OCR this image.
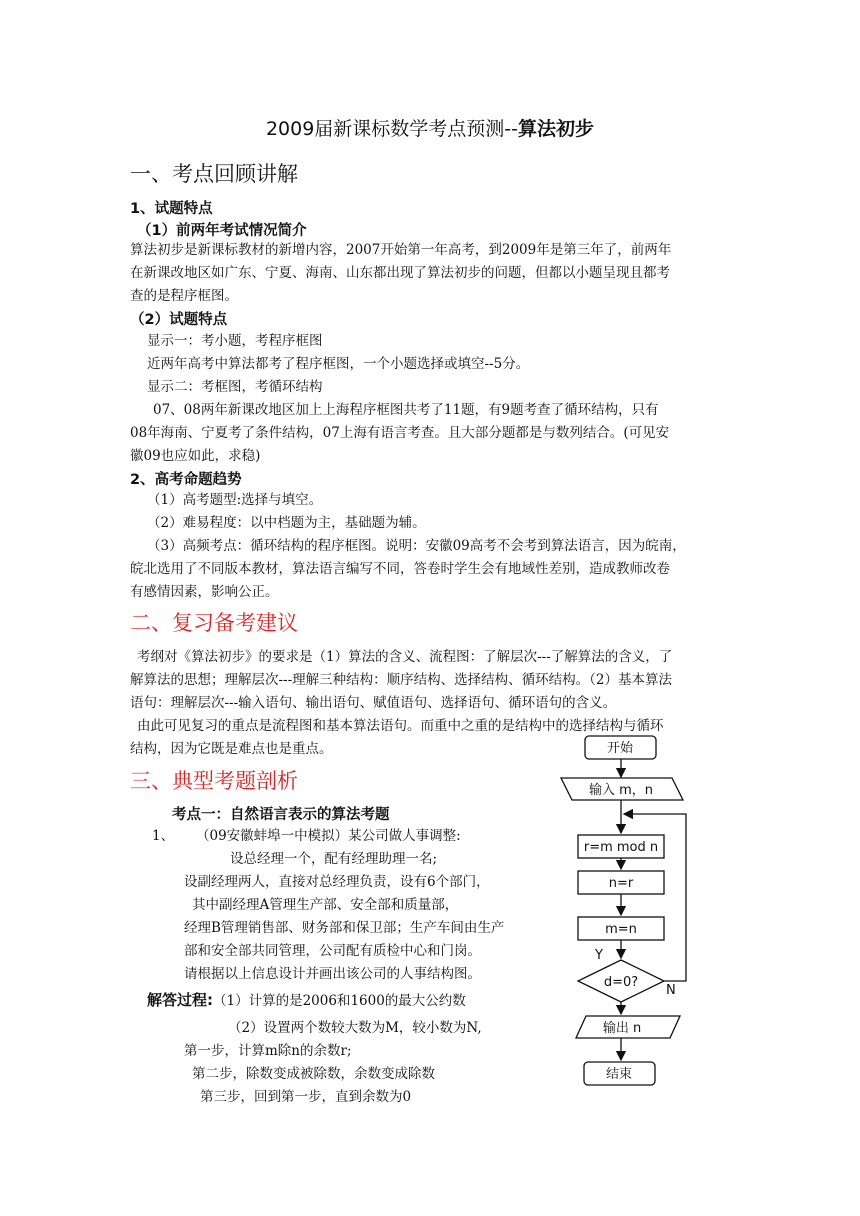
2009届新课标数学考点预测--算法初步
一、考点回顾讲解
1、试题特点
（1）前两年考试情况简介
算法初步是新课标教材的新增内容，2007开始第一年高考，到2009年是第三年了，前两年
在新课改地区如广东、宁夏、海南、山东都出现了算法初步的问题，但都以小题呈现且都考
查的是程序框图。
（2）试题特点
显示一：考小题，考程序框图
近两年高考中算法都考了程序框图，一个小题选择或填空--5分。
显示二：考框图，考循环结构
07、08两年新课改地区加上上海程序框图共考了11题，有9题考查了循环结构，只有
08年海南、宁夏考了条件结构，07上海有语言考查。且大部分题都是与数列结合。(可见安
徽09也应如此，求稳)
2、高考命题趋势
（1）高考题型:选择与填空。
（2）难易程度：以中档题为主，基础题为辅。
（3）高频考点：循环结构的程序框图。说明：安徽09高考不会考到算法语言，因为皖南，
皖北选用了不同版本教材，算法语言编写不同，答卷时学生会有地域性差别，造成教师改卷
有感情因素，影响公正。
二、复习备考建议
考纲对《算法初步》的要求是（1）算法的含义、流程图：了解层次---了解算法的含义，了
解算法的思想；理解层次---理解三种结构：顺序结构、选择结构、循环结构。（2）基本算法
语句：理解层次---输入语句、输出语句、赋值语句、选择语句、循环语句的含义。
由此可见复习的重点是流程图和基本算法语句。而重中之重的是结构中的选择结构与循环
结构，因为它既是难点也是重点。
三、典型考题剖析
考点一：自然语言表示的算法考题
1、 （09安徽蚌埠一中模拟）某公司做人事调整:
设总经理一个，配有经理助理一名;
设副经理两人，直接对总经理负责，设有6个部门，
其中副经理A管理生产部、安全部和质量部，
经理B管理销售部、财务部和保卫部；生产车间由生产
部和安全部共同管理，公司配有质检中心和门岗。
请根据以上信息设计并画出该公司的人事结构图。
解答过程:（1）计算的是2006和1600的最大公约数
（2）设置两个数较大数为M，较小数为N,
第一步，计算m除n的余数r;
第二步，除数变成被除数，余数变成除数
第三步，回到第一步，直到余数为0
开始
输入 m，n
r=m mod n
n=r
m=n
d=0?
Y
N
输出 n
结束
